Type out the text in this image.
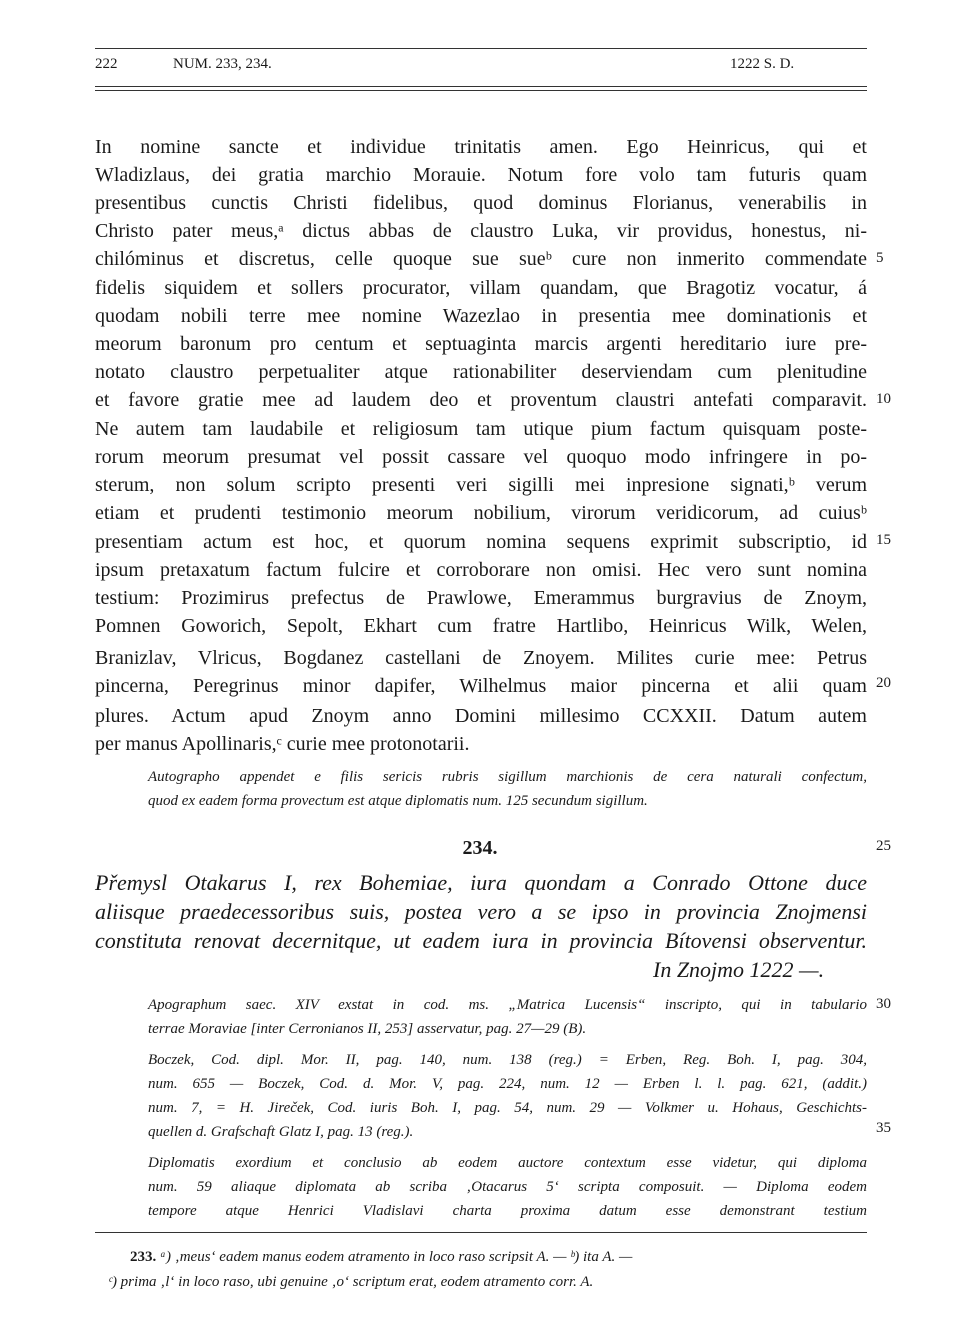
222	NUM. 233, 234.	1222 S. D.
In nomine sancte et individue trinitatis amen. Ego Heinricus, qui et
Wladizlaus, dei gratia marchio Morauie. Notum fore volo tam futuris quam
presentibus cunctis Christi fidelibus, quod dominus Florianus, venerabilis in
Christo pater meus,ᵃ dictus abbas de claustro Luka, vir providus, honestus, ni-
chilóminus et discretus, celle quoque sue sueᵇ cure non inmerito commendate
fidelis siquidem et sollers procurator, villam quandam, que Bragotiz vocatur, á
quodam nobili terre mee nomine Wazezlao in presentia mee dominationis et
meorum baronum pro centum et septuaginta marcis argenti hereditario iure pre-
notato claustro perpetualiter atque rationabiliter deserviendam cum plenitudine
et favore gratie mee ad laudem deo et proventum claustri antefati comparavit.
Ne autem tam laudabile et religiosum tam utique pium factum quisquam poste-
rorum meorum presumat vel possit cassare vel quoquo modo infringere in po-
sterum, non solum scripto presenti veri sigilli mei inpresione signati,ᵇ verum
etiam et prudenti testimonio meorum nobilium, virorum veridicorum, ad cuiusᵇ
presentiam actum est hoc, et quorum nomina sequens exprimit subscriptio, id
ipsum pretaxatum factum fulcire et corroborare non omisi. Hec vero sunt nomina
testium: Prozimirus prefectus de Prawlowe, Emerammus burgravius de Znoym,
Pomnen Goworich, Sepolt, Ekhart cum fratre Hartlibo, Heinricus Wilk, Welen,
Branizlav, Vlricus, Bogdanez castellani de Znoyem. Milites curie mee: Petrus
pincerna, Peregrinus minor dapifer, Wilhelmus maior pincerna et alii quam
plures. Actum apud Znoym anno Domini millesimo CCXXII. Datum autem
per manus Apollinaris,ᶜ curie mee protonotarii.
5
10
15
20
25
30
35
Autographo appendet e filis sericis rubris sigillum marchionis de cera naturali confectum,
quod ex eadem forma provectum est atque diplomatis num. 125 secundum sigillum.
234.
Přemysl Otakarus I, rex Bohemiae, iura quondam a Conrado Ottone duce
aliisque praedecessoribus suis, postea vero a se ipso in provincia Znojmensi
constituta renovat decernitque, ut eadem iura in provincia Bítovensi observentur.
In Znojmo 1222 —.
Apographum saec. XIV exstat in cod. ms. „Matrica Lucensis“ inscripto, qui in tabulario
terrae Moraviae [inter Cerronianos II, 253] asservatur, pag. 27—29 (B).
Boczek, Cod. dipl. Mor. II, pag. 140, num. 138 (reg.) = Erben, Reg. Boh. I, pag. 304,
num. 655 — Boczek, Cod. d. Mor. V, pag. 224, num. 12 — Erben l. l. pag. 621, (addit.)
num. 7, = H. Jireček, Cod. iuris Boh. I, pag. 54, num. 29 — Volkmer u. Hohaus, Geschichts-
quellen d. Grafschaft Glatz I, pag. 13 (reg.).
Diplomatis exordium et conclusio ab eodem auctore contextum esse videtur, qui diploma
num. 59 aliaque diplomata ab scriba ‚Otacarus 5‘ scripta composuit. — Diploma eodem
tempore atque Henrici Vladislavi charta proxima datum esse demonstrant testium
233. ᵃ) ‚meus‘ eadem manus eodem atramento in loco raso scripsit A. — ᵇ) ita A. —
ᶜ) prima ‚l‘ in loco raso, ubi genuine ‚o‘ scriptum erat, eodem atramento corr. A.
